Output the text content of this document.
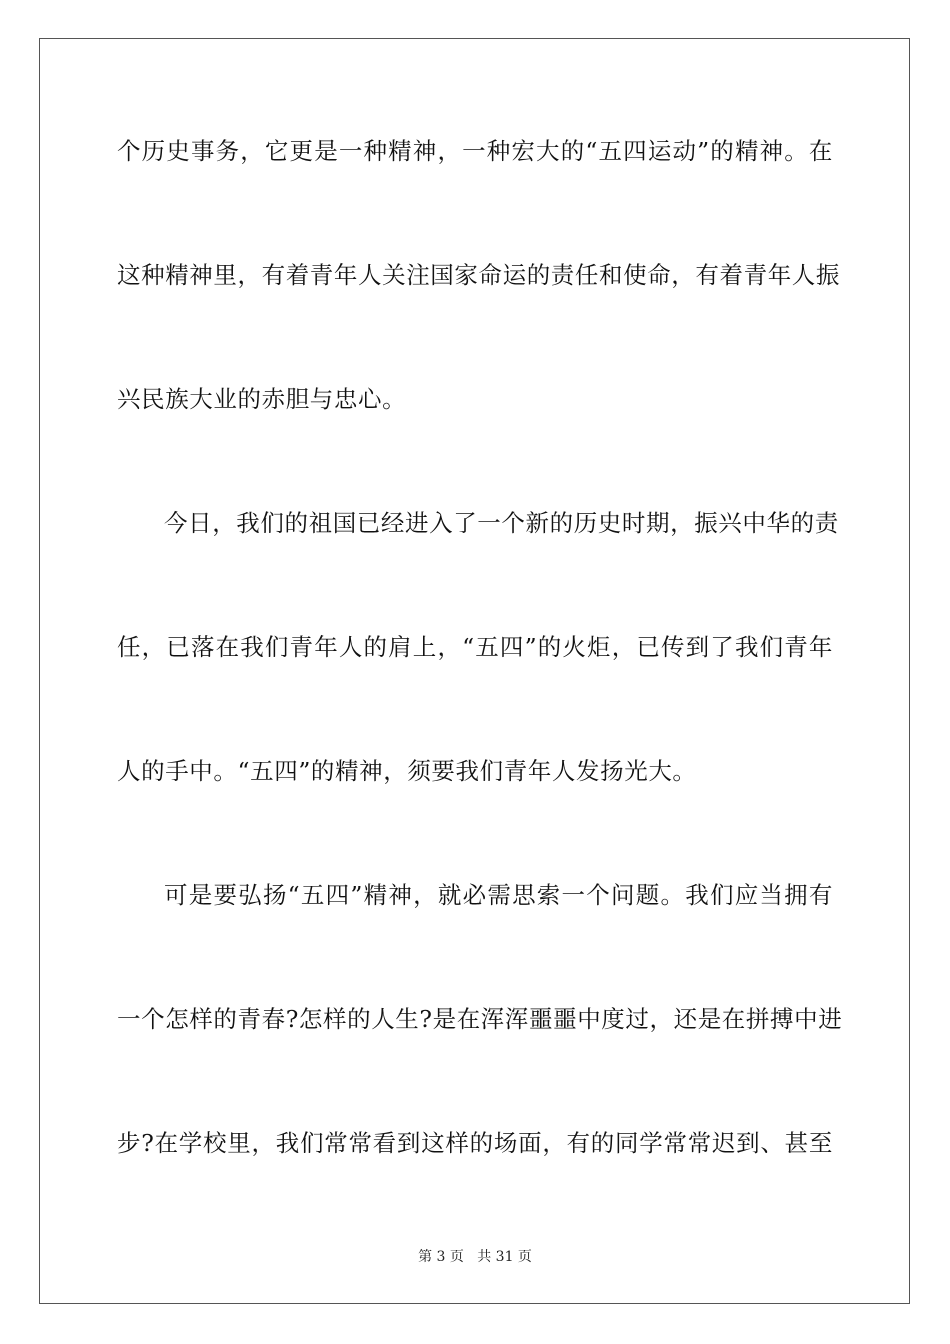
个历史事务，它更是一种精神，一种宏大的“五四运动”的精神。在
这种精神里，有着青年人关注国家命运的责任和使命，有着青年人振
兴民族大业的赤胆与忠心。
今日，我们的祖国已经进入了一个新的历史时期，振兴中华的责
任，已落在我们青年人的肩上，“五四”的火炬，已传到了我们青年
人的手中。“五四”的精神，须要我们青年人发扬光大。
可是要弘扬“五四”精神，就必需思索一个问题。我们应当拥有
一个怎样的青春?怎样的人生?是在浑浑噩噩中度过，还是在拼搏中进
步?在学校里，我们常常看到这样的场面，有的同学常常迟到、甚至
第 3 页   共 31 页
